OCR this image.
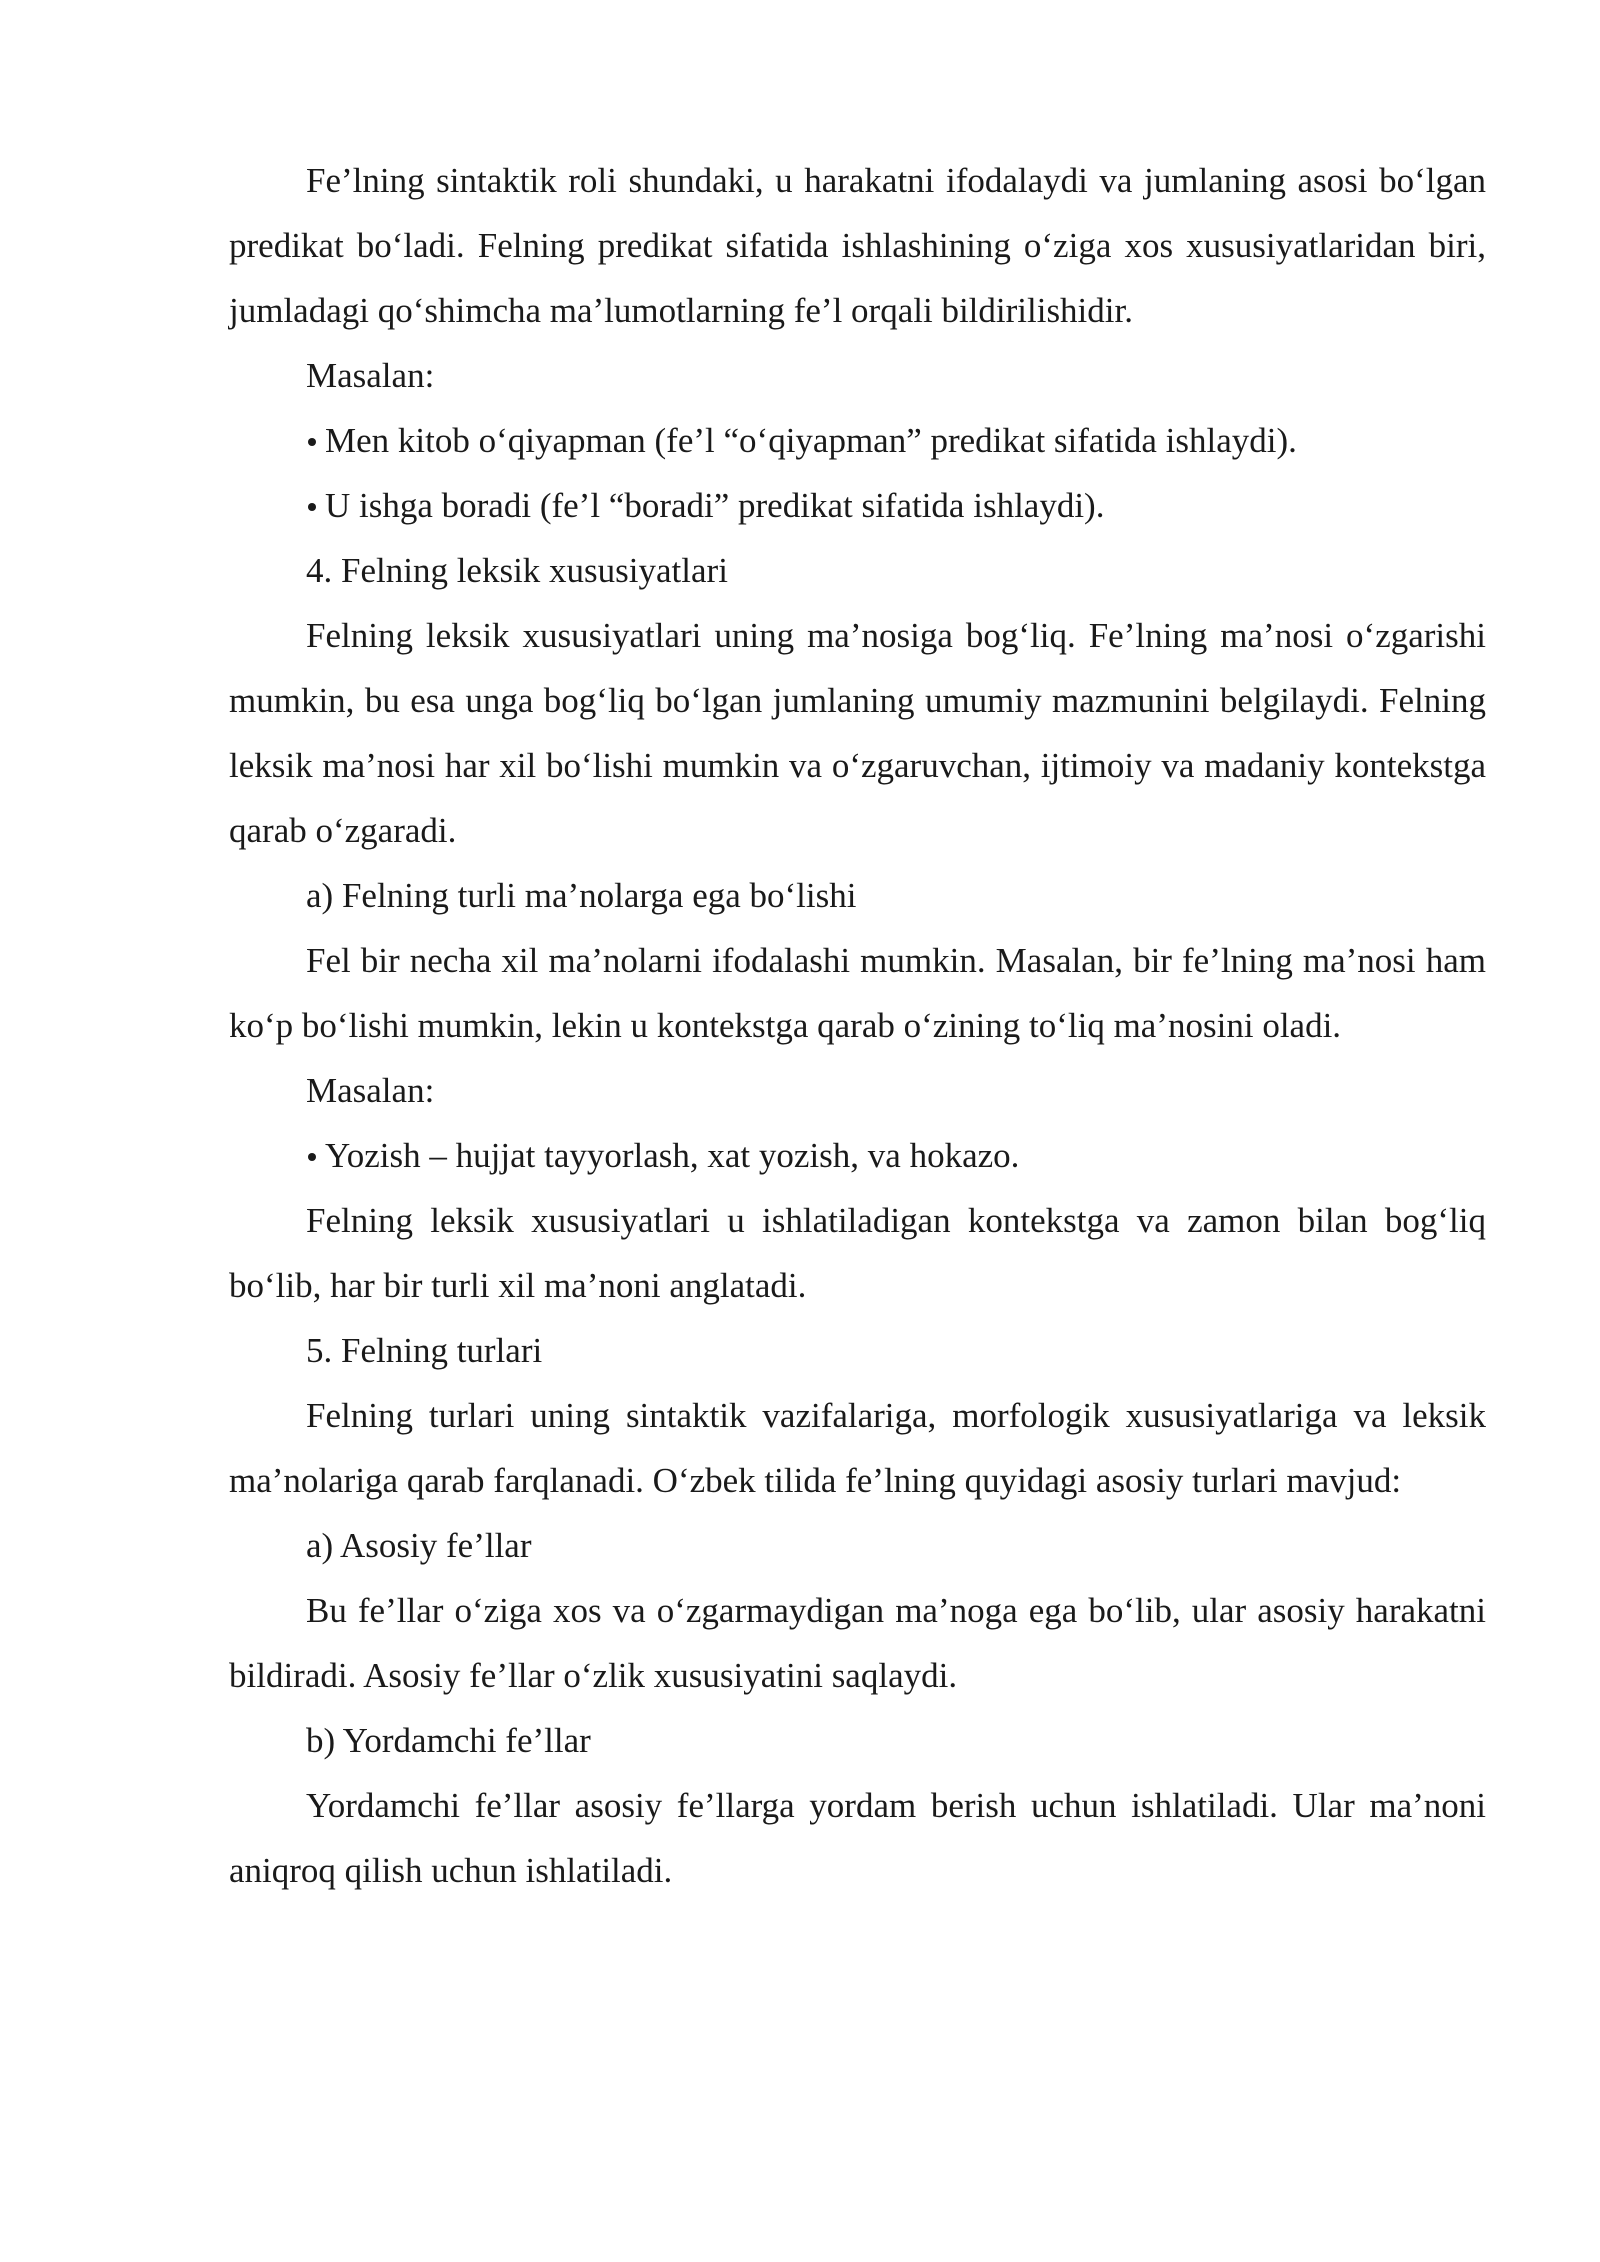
Fe’lning sintaktik roli shundaki, u harakatni ifodalaydi va jumlaning asosi bo‘lgan predikat bo‘ladi. Felning predikat sifatida ishlashining o‘ziga xos xususiyatlaridan biri, jumladagi qo‘shimcha ma’lumotlarning fe’l orqali bildirilishidir.

Masalan:

Men kitob o‘qiyapman (fe’l “o‘qiyapman” predikat sifatida ishlaydi).

U ishga boradi (fe’l “boradi” predikat sifatida ishlaydi).

4. Felning leksik xususiyatlari

Felning leksik xususiyatlari uning ma’nosiga bog‘liq. Fe’lning ma’nosi o‘zgarishi mumkin, bu esa unga bog‘liq bo‘lgan jumlaning umumiy mazmunini belgilaydi. Felning leksik ma’nosi har xil bo‘lishi mumkin va o‘zgaruvchan, ijtimoiy va madaniy kontekstga qarab o‘zgaradi.

a) Felning turli ma’nolarga ega bo‘lishi

Fel bir necha xil ma’nolarni ifodalashi mumkin. Masalan, bir fe’lning ma’nosi ham ko‘p bo‘lishi mumkin, lekin u kontekstga qarab o‘zining to‘liq ma’nosini oladi.

Masalan:

Yozish – hujjat tayyorlash, xat yozish, va hokazo.

Felning leksik xususiyatlari u ishlatiladigan kontekstga va zamon bilan bog‘liq bo‘lib, har bir turli xil ma’noni anglatadi.

5. Felning turlari

Felning turlari uning sintaktik vazifalariga, morfologik xususiyatlariga va leksik ma’nolariga qarab farqlanadi. O‘zbek tilida fe’lning quyidagi asosiy turlari mavjud:

a) Asosiy fe’llar

Bu fe’llar o‘ziga xos va o‘zgarmaydigan ma’noga ega bo‘lib, ular asosiy harakatni bildiradi. Asosiy fe’llar o‘zlik xususiyatini saqlaydi.

b) Yordamchi fe’llar

Yordamchi fe’llar asosiy fe’llarga yordam berish uchun ishlatiladi. Ular ma’noni aniqroq qilish uchun ishlatiladi.
